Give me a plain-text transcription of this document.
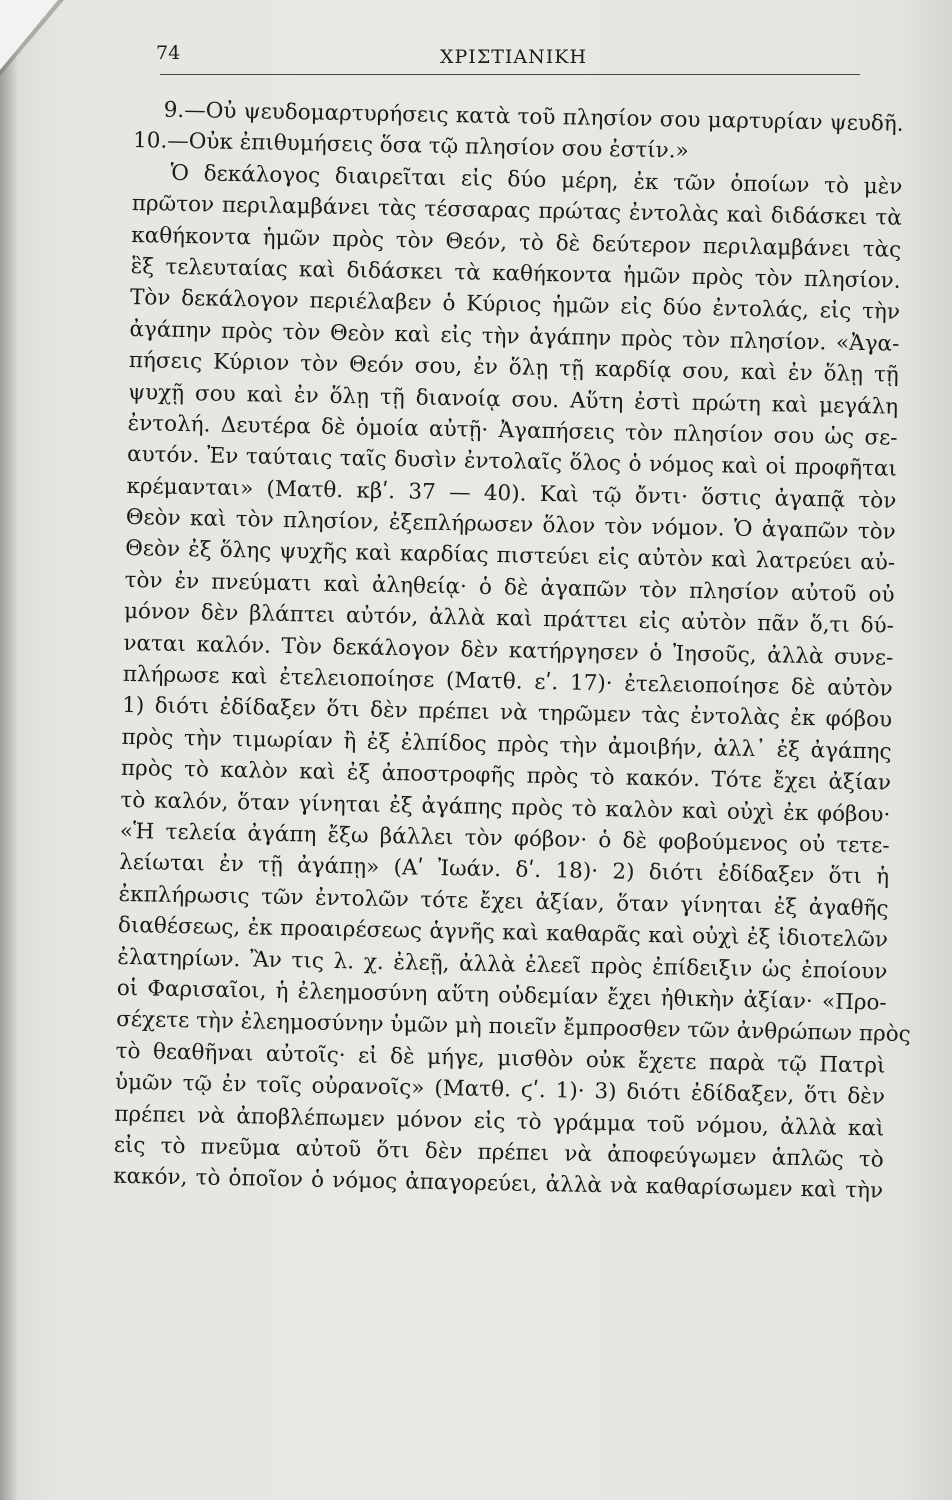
74	ΧΡΙΣΤΙΑΝΙΚΗ
9.—Οὐ ψευδομαρτυρήσεις κατὰ τοῦ πλησίον σου μαρτυρίαν ψευδῆ.
10.—Οὐκ ἐπιθυμήσεις ὅσα τῷ πλησίον σου ἐστίν.»
Ὁ δεκάλογος διαιρεῖται εἰς δύο μέρη, ἐκ τῶν ὁποίων τὸ μὲν
πρῶτον περιλαμβάνει τὰς τέσσαρας πρώτας ἐντολὰς καὶ διδάσκει τὰ
καθήκοντα ἡμῶν πρὸς τὸν Θεόν, τὸ δὲ δεύτερον περιλαμβάνει τὰς
ἓξ τελευταίας καὶ διδάσκει τὰ καθήκοντα ἡμῶν πρὸς τὸν πλησίον.
Τὸν δεκάλογον περιέλαβεν ὁ Κύριος ἡμῶν εἰς δύο ἐντολάς, εἰς τὴν
ἀγάπην πρὸς τὸν Θεὸν καὶ εἰς τὴν ἀγάπην πρὸς τὸν πλησίον. «Ἀγα-
πήσεις Κύριον τὸν Θεόν σου, ἐν ὅλῃ τῇ καρδίᾳ σου, καὶ ἐν ὅλῃ τῇ
ψυχῇ σου καὶ ἐν ὅλῃ τῇ διανοίᾳ σου. Αὕτη ἐστὶ πρώτη καὶ μεγάλη
ἐντολή. Δευτέρα δὲ ὁμοία αὐτῇ· Ἀγαπήσεις τὸν πλησίον σου ὡς σε-
αυτόν. Ἐν ταύταις ταῖς δυσὶν ἐντολαῖς ὅλος ὁ νόμος καὶ οἱ προφῆται
κρέμανται» (Ματθ. κβʹ. 37 — 40). Καὶ τῷ ὄντι· ὅστις ἀγαπᾷ τὸν
Θεὸν καὶ τὸν πλησίον, ἐξεπλήρωσεν ὅλον τὸν νόμον. Ὁ ἀγαπῶν τὸν
Θεὸν ἐξ ὅλης ψυχῆς καὶ καρδίας πιστεύει εἰς αὐτὸν καὶ λατρεύει αὐ-
τὸν ἐν πνεύματι καὶ ἀληθείᾳ· ὁ δὲ ἀγαπῶν τὸν πλησίον αὐτοῦ οὐ
μόνον δὲν βλάπτει αὐτόν, ἀλλὰ καὶ πράττει εἰς αὐτὸν πᾶν ὅ,τι δύ-
ναται καλόν. Τὸν δεκάλογον δὲν κατήργησεν ὁ Ἰησοῦς, ἀλλὰ συνε-
πλήρωσε καὶ ἐτελειοποίησε (Ματθ. εʹ. 17)· ἐτελειοποίησε δὲ αὐτὸν
1) διότι ἐδίδαξεν ὅτι δὲν πρέπει νὰ τηρῶμεν τὰς ἐντολὰς ἐκ φόβου
πρὸς τὴν τιμωρίαν ἢ ἐξ ἐλπίδος πρὸς τὴν ἀμοιβήν, ἀλλ᾽ ἐξ ἀγάπης
πρὸς τὸ καλὸν καὶ ἐξ ἀποστροφῆς πρὸς τὸ κακόν. Τότε ἔχει ἀξίαν
τὸ καλόν, ὅταν γίνηται ἐξ ἀγάπης πρὸς τὸ καλὸν καὶ οὐχὶ ἐκ φόβου·
«Ἡ τελεία ἀγάπη ἔξω βάλλει τὸν φόβον· ὁ δὲ φοβούμενος οὐ τετε-
λείωται ἐν τῇ ἀγάπῃ» (Αʹ Ἰωάν. δʹ. 18)· 2) διότι ἐδίδαξεν ὅτι ἡ
ἐκπλήρωσις τῶν ἐντολῶν τότε ἔχει ἀξίαν, ὅταν γίνηται ἐξ ἀγαθῆς
διαθέσεως, ἐκ προαιρέσεως ἁγνῆς καὶ καθαρᾶς καὶ οὐχὶ ἐξ ἰδιοτελῶν
ἐλατηρίων. Ἂν τις λ. χ. ἐλεῇ, ἀλλὰ ἐλεεῖ πρὸς ἐπίδειξιν ὡς ἐποίουν
οἱ Φαρισαῖοι, ἡ ἐλεημοσύνη αὕτη οὐδεμίαν ἔχει ἠθικὴν ἀξίαν· «Προ-
σέχετε τὴν ἐλεημοσύνην ὑμῶν μὴ ποιεῖν ἔμπροσθεν τῶν ἀνθρώπων πρὸς
τὸ θεαθῆναι αὐτοῖς· εἰ δὲ μήγε, μισθὸν οὐκ ἔχετε παρὰ τῷ Πατρὶ
ὑμῶν τῷ ἐν τοῖς οὐρανοῖς» (Ματθ. ϛʹ. 1)· 3) διότι ἐδίδαξεν, ὅτι δὲν
πρέπει νὰ ἀποβλέπωμεν μόνον εἰς τὸ γράμμα τοῦ νόμου, ἀλλὰ καὶ
εἰς τὸ πνεῦμα αὐτοῦ ὅτι δὲν πρέπει νὰ ἀποφεύγωμεν ἁπλῶς τὸ
κακόν, τὸ ὁποῖον ὁ νόμος ἀπαγορεύει, ἀλλὰ νὰ καθαρίσωμεν καὶ τὴν
